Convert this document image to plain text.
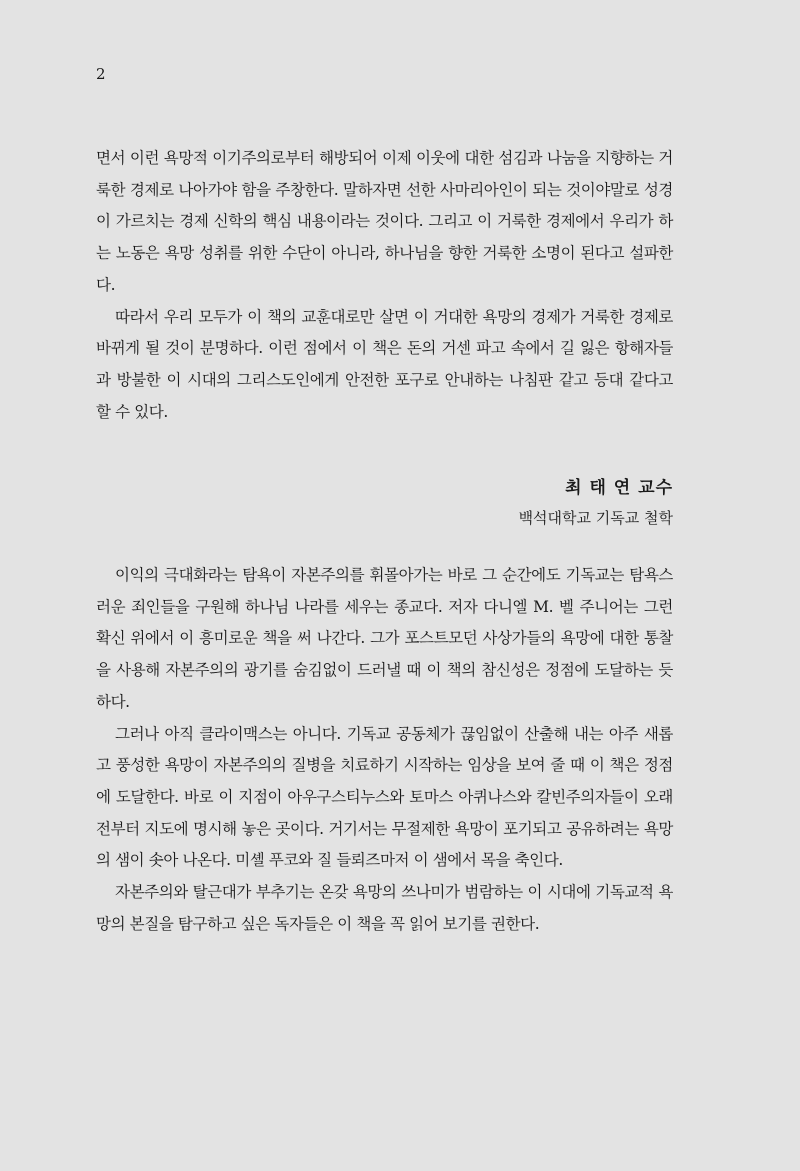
2

면서 이런 욕망적 이기주의로부터 해방되어 이제 이웃에 대한 섬김과 나눔을 지향하는 거룩한 경제로 나아가야 함을 주창한다. 말하자면 선한 사마리아인이 되는 것이야말로 성경이 가르치는 경제 신학의 핵심 내용이라는 것이다. 그리고 이 거룩한 경제에서 우리가 하는 노동은 욕망 성취를 위한 수단이 아니라, 하나님을 향한 거룩한 소명이 된다고 설파한다.

따라서 우리 모두가 이 책의 교훈대로만 살면 이 거대한 욕망의 경제가 거룩한 경제로 바뀌게 될 것이 분명하다. 이런 점에서 이 책은 돈의 거센 파고 속에서 길 잃은 항해자들과 방불한 이 시대의 그리스도인에게 안전한 포구로 안내하는 나침판 같고 등대 같다고 할 수 있다.

최 태 연 교수
백석대학교 기독교 철학

이익의 극대화라는 탐욕이 자본주의를 휘몰아가는 바로 그 순간에도 기독교는 탐욕스러운 죄인들을 구원해 하나님 나라를 세우는 종교다. 저자 다니엘 M. 벨 주니어는 그런 확신 위에서 이 흥미로운 책을 써 나간다. 그가 포스트모던 사상가들의 욕망에 대한 통찰을 사용해 자본주의의 광기를 숨김없이 드러낼 때 이 책의 참신성은 정점에 도달하는 듯하다.

그러나 아직 클라이맥스는 아니다. 기독교 공동체가 끊임없이 산출해 내는 아주 새롭고 풍성한 욕망이 자본주의의 질병을 치료하기 시작하는 임상을 보여 줄 때 이 책은 정점에 도달한다. 바로 이 지점이 아우구스티누스와 토마스 아퀴나스와 칼빈주의자들이 오래전부터 지도에 명시해 놓은 곳이다. 거기서는 무절제한 욕망이 포기되고 공유하려는 욕망의 샘이 솟아 나온다. 미셸 푸코와 질 들뢰즈마저 이 샘에서 목을 축인다.

자본주의와 탈근대가 부추기는 온갖 욕망의 쓰나미가 범람하는 이 시대에 기독교적 욕망의 본질을 탐구하고 싶은 독자들은 이 책을 꼭 읽어 보기를 권한다.
